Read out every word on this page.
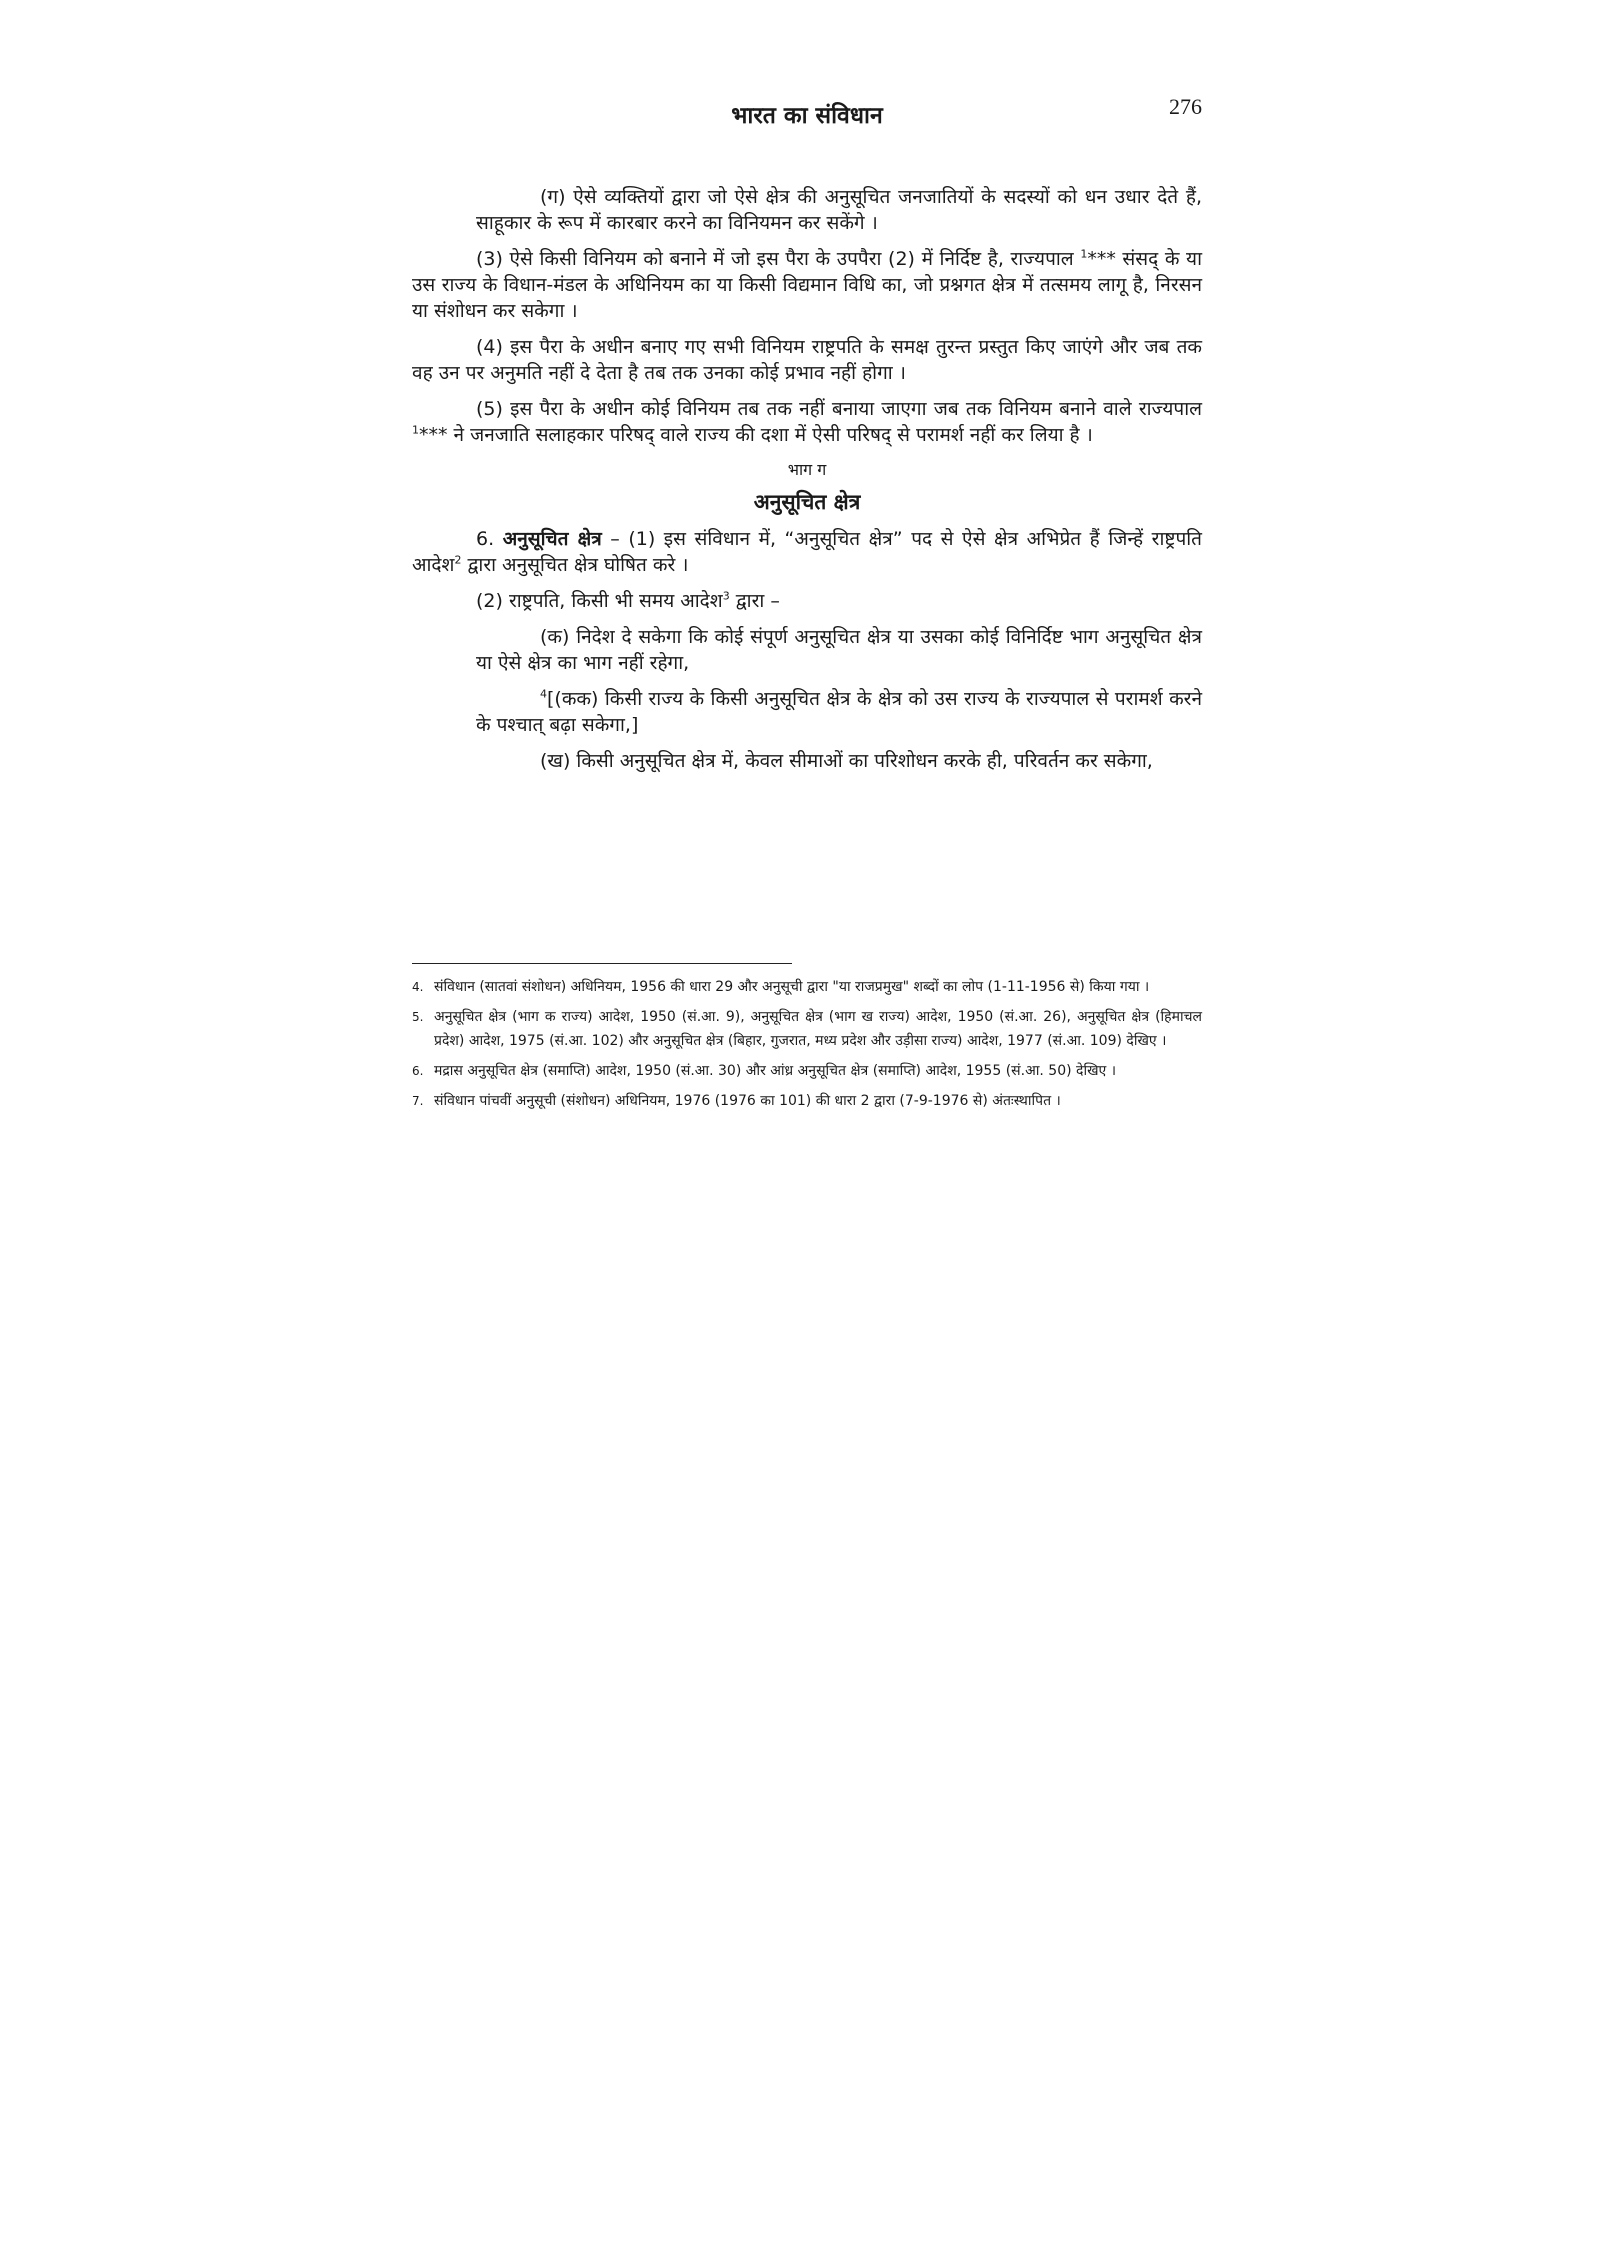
भारत का संविधान	276

(ग) ऐसे व्यक्तियों द्वारा जो ऐसे क्षेत्र की अनुसूचित जनजातियों के सदस्यों को धन उधार देते हैं, साहूकार के रूप में कारबार करने का विनियमन कर सकेंगे ।

(3) ऐसे किसी विनियम को बनाने में जो इस पैरा के उपपैरा (2) में निर्दिष्ट है, राज्यपाल $^1$*** संसद् के या उस राज्य के विधान-मंडल के अधिनियम का या किसी विद्यमान विधि का, जो प्रश्नगत क्षेत्र में तत्समय लागू है, निरसन या संशोधन कर सकेगा ।

(4) इस पैरा के अधीन बनाए गए सभी विनियम राष्ट्रपति के समक्ष तुरन्त प्रस्तुत किए जाएंगे और जब तक वह उन पर अनुमति नहीं दे देता है तब तक उनका कोई प्रभाव नहीं होगा ।

(5) इस पैरा के अधीन कोई विनियम तब तक नहीं बनाया जाएगा जब तक विनियम बनाने वाले राज्यपाल $^1$*** ने जनजाति सलाहकार परिषद् वाले राज्य की दशा में ऐसी परिषद् से परामर्श नहीं कर लिया है ।

भाग ग
अनुसूचित क्षेत्र

6. अनुसूचित क्षेत्र – (1) इस संविधान में, “अनुसूचित क्षेत्र” पद से ऐसे क्षेत्र अभिप्रेत हैं जिन्हें राष्ट्रपति आदेश$^2$ द्वारा अनुसूचित क्षेत्र घोषित करे ।

(2) राष्ट्रपति, किसी भी समय आदेश$^3$ द्वारा –

(क) निदेश दे सकेगा कि कोई संपूर्ण अनुसूचित क्षेत्र या उसका कोई विनिर्दिष्ट भाग अनुसूचित क्षेत्र या ऐसे क्षेत्र का भाग नहीं रहेगा,

$^4$[(कक) किसी राज्य के किसी अनुसूचित क्षेत्र के क्षेत्र को उस राज्य के राज्यपाल से परामर्श करने के पश्चात् बढ़ा सकेगा,]

(ख) किसी अनुसूचित क्षेत्र में, केवल सीमाओं का परिशोधन करके ही, परिवर्तन कर सकेगा,

4. संविधान (सातवां संशोधन) अधिनियम, 1956 की धारा 29 और अनुसूची द्वारा "या राजप्रमुख" शब्दों का लोप (1-11-1956 से) किया गया ।
5. अनुसूचित क्षेत्र (भाग क राज्य) आदेश, 1950 (सं.आ. 9), अनुसूचित क्षेत्र (भाग ख राज्य) आदेश, 1950 (सं.आ. 26), अनुसूचित क्षेत्र (हिमाचल प्रदेश) आदेश, 1975 (सं.आ. 102) और अनुसूचित क्षेत्र (बिहार, गुजरात, मध्य प्रदेश और उड़ीसा राज्य) आदेश, 1977 (सं.आ. 109) देखिए ।
6. मद्रास अनुसूचित क्षेत्र (समाप्ति) आदेश, 1950 (सं.आ. 30) और आंध्र अनुसूचित क्षेत्र (समाप्ति) आदेश, 1955 (सं.आ. 50) देखिए ।
7. संविधान पांचवीं अनुसूची (संशोधन) अधिनियम, 1976 (1976 का 101) की धारा 2 द्वारा (7-9-1976 से) अंतःस्थापित ।
